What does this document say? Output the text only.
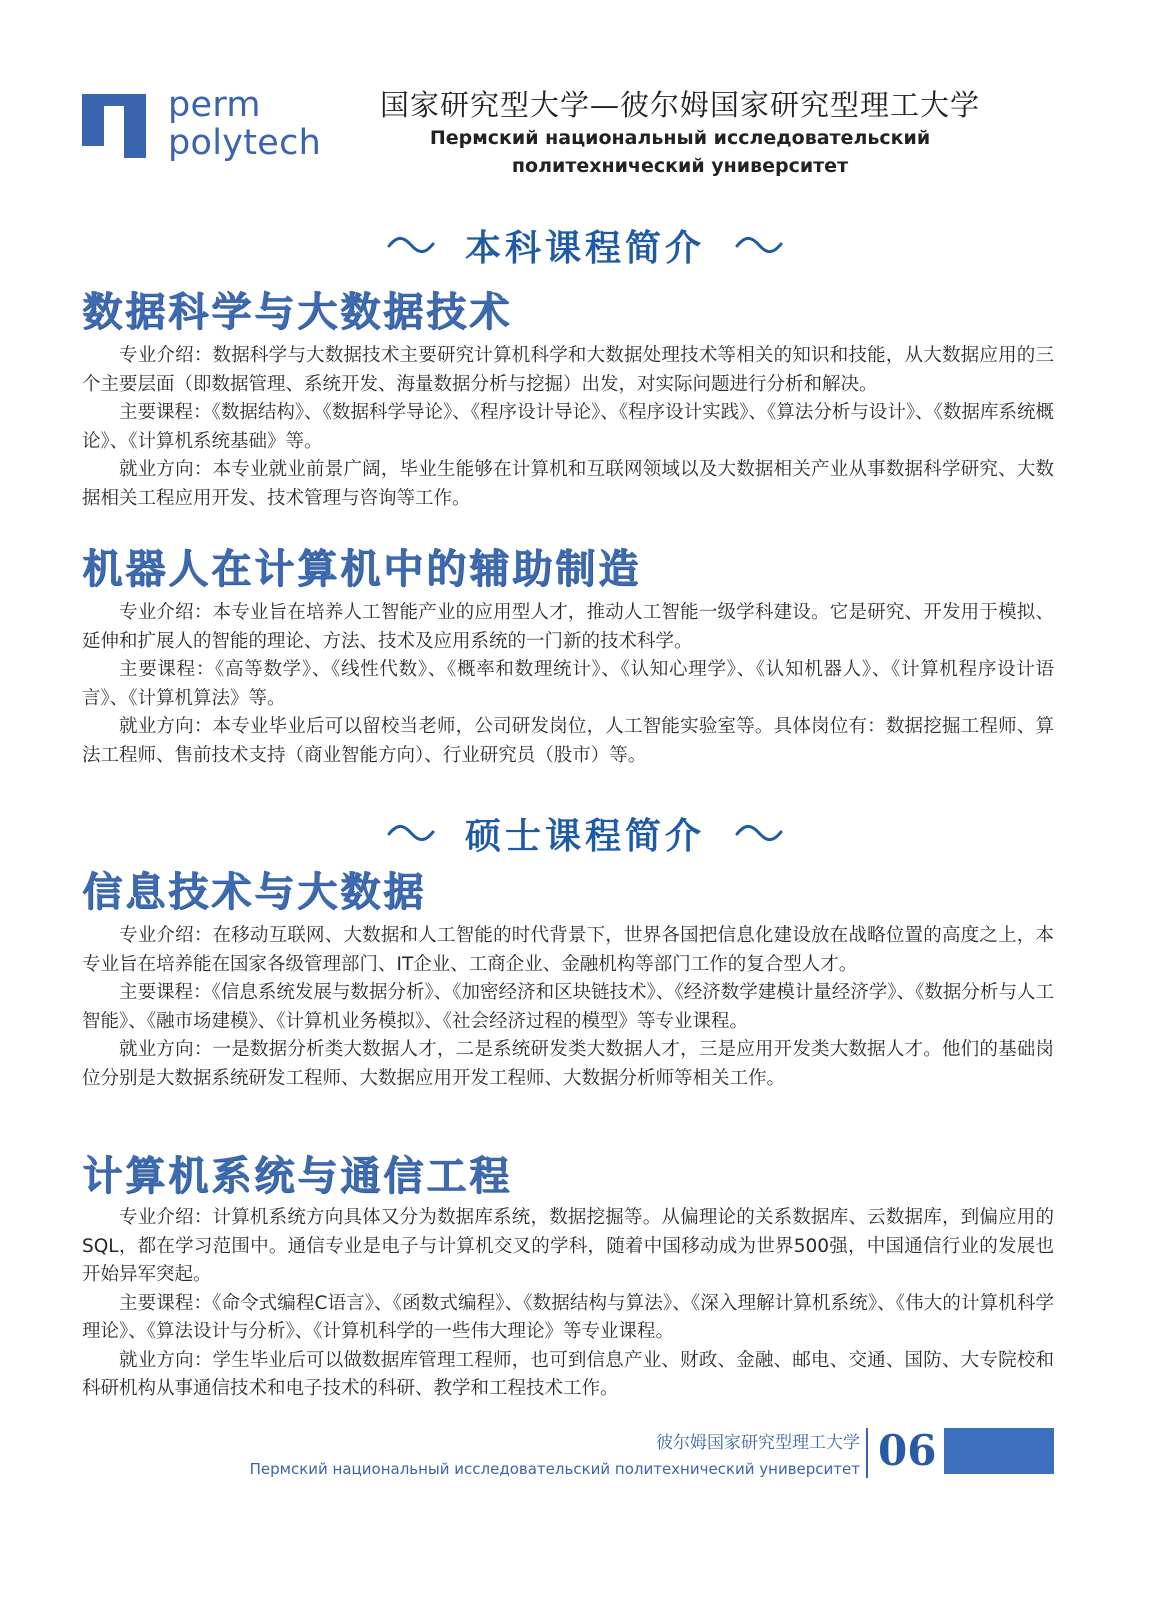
perm
polytech
国家研究型大学—彼尔姆国家研究型理工大学
Пермский национальный исследовательский
политехнический университет
本科课程简介
数据科学与大数据技术

专业介绍：数据科学与大数据技术主要研究计算机科学和大数据处理技术等相关的知识和技能，从大数据应用的三个主要层面（即数据管理、系统开发、海量数据分析与挖掘）出发，对实际问题进行分析和解决。

主要课程：《数据结构》、《数据科学导论》、《程序设计导论》、《程序设计实践》、《算法分析与设计》、《数据库系统概论》、《计算机系统基础》等。

就业方向：本专业就业前景广阔，毕业生能够在计算机和互联网领域以及大数据相关产业从事数据科学研究、大数据相关工程应用开发、技术管理与咨询等工作。

机器人在计算机中的辅助制造

专业介绍：本专业旨在培养人工智能产业的应用型人才，推动人工智能一级学科建设。它是研究、开发用于模拟、延伸和扩展人的智能的理论、方法、技术及应用系统的一门新的技术科学。

主要课程：《高等数学》、《线性代数》、《概率和数理统计》、《认知心理学》、《认知机器人》、《计算机程序设计语言》、《计算机算法》等。

就业方向：本专业毕业后可以留校当老师，公司研发岗位，人工智能实验室等。具体岗位有：数据挖掘工程师、算法工程师、售前技术支持（商业智能方向）、行业研究员（股市）等。

硕士课程简介
信息技术与大数据

专业介绍：在移动互联网、大数据和人工智能的时代背景下，世界各国把信息化建设放在战略位置的高度之上，本专业旨在培养能在国家各级管理部门、IT企业、工商企业、金融机构等部门工作的复合型人才。

主要课程：《信息系统发展与数据分析》、《加密经济和区块链技术》、《经济数学建模计量经济学》、《数据分析与人工智能》、《融市场建模》、《计算机业务模拟》、《社会经济过程的模型》等专业课程。

就业方向：一是数据分析类大数据人才，二是系统研发类大数据人才，三是应用开发类大数据人才。他们的基础岗位分别是大数据系统研发工程师、大数据应用开发工程师、大数据分析师等相关工作。

计算机系统与通信工程

专业介绍：计算机系统方向具体又分为数据库系统，数据挖掘等。从偏理论的关系数据库、云数据库，到偏应用的SQL，都在学习范围中。通信专业是电子与计算机交叉的学科，随着中国移动成为世界500强，中国通信行业的发展也开始异军突起。

主要课程：《命令式编程C语言》、《函数式编程》、《数据结构与算法》、《深入理解计算机系统》、《伟大的计算机科学理论》、《算法设计与分析》、《计算机科学的一些伟大理论》等专业课程。

就业方向：学生毕业后可以做数据库管理工程师，也可到信息产业、财政、金融、邮电、交通、国防、大专院校和科研机构从事通信技术和电子技术的科研、教学和工程技术工作。

彼尔姆国家研究型理工大学
Пермский национальный исследовательский политехнический университет 06
